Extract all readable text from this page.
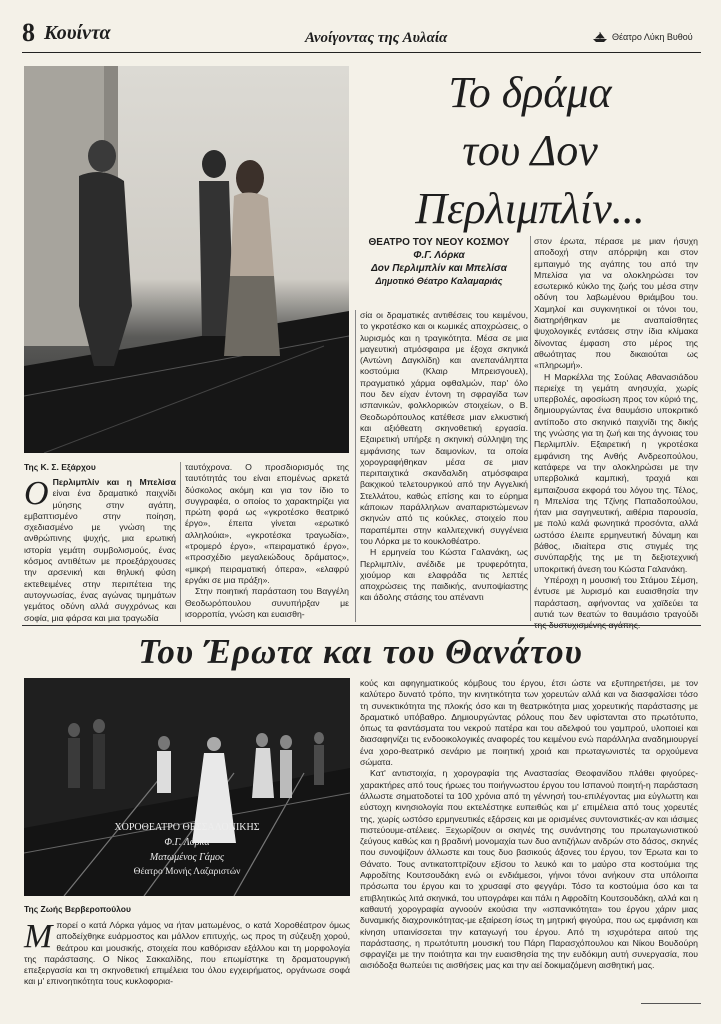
8 Κουίντα	Ανοίγοντας της Αυλαία	Θέατρο Λύκη Βυθού
Το δράμα
του Δον
Περλιμπλίν...
ΘΕΑΤΡΟ ΤΟΥ ΝΕΟΥ ΚΟΣΜΟΥ
Φ.Γ. Λόρκα
Δον Περλιμπλίν και Μπελίσα
Δημοτικό Θέατρο Καλαμαριάς
Της Κ. Σ. Εξάρχου
Ο Περλιμπλίν και η Μπελίσα είναι ένα δραματικό παιχνίδι μύησης στην αγάπη, εμβαπτισμένο στην ποίηση, σχεδιασμένο με γνώση της ανθρώπινης ψυχής, μια ερωτική ιστορία γεμάτη συμβολισμούς, ένας κόσμος αντιθέτων με προεξάρχουσες την αρσενική και θηλυκή φύση εκτεθειμένες στην περιπέτεια της αυτογνωσίας, ένας αγώνας τιμημάτων γεμάτος οδύνη αλλά συγχρόνως και σοφία, μια φάρσα και μια τραγωδία

ταυτόχρονα. Ο προσδιορισμός της ταυτότητάς του είναι επομένως αρκετά δύσκολος ακόμη και για τον ίδιο το συγγραφέα, ο οποίος το χαρακτηρίζει για πρώτη φορά ως «γκροτέσκο θεατρικό έργο», έπειτα γίνεται «ερωτικό αλληλούια», «γκροτέσκα τραγωδία», «τρομερό έργο», «πειραματικό έργο», «προσχέδιο μεγαλειώδους δράματος», «μικρή πειραματική όπερα», «ελαφρύ εργάκι σε μια πράξη».

Στην ποιητική παράσταση του Βαγγέλη Θεοδωρόπουλου συνυπήρξαν με ισορροπία, γνώση και ευαισθη-

σία οι δραματικές αντιθέσεις του κειμένου, το γκροτέσκο και οι κωμικές αποχρώσεις, ο λυρισμός και η τραγικότητα. Μέσα σε μια μαγευτική ατμόσφαιρα με έξοχα σκηνικά (Αντώνη Δαγκλίδη) και ανεπανάληπτα κοστούμια (Κλαιρ Μπρεισγουελ), πραγματικό χάρμα οφθαλμών, παρ' όλο που δεν είχαν έντονη τη σφραγίδα των ισπανικών, φολκλορικών στοιχείων, ο Β. Θεοδωρόπουλος κατέθεσε μιαν ελκυστική και αξιόθεατη σκηνοθετική εργασία. Εξαιρετική υπήρξε η σκηνική σύλληψη της εμφάνισης των δαιμονίων, τα οποία χορογραφήθηκαν μέσα σε μιαν περιπαιχτικά σκανδαλιδη ατμόσφαιρα βακχικού τελετουργικού από την Αγγελική Στελλάτου, καθώς επίσης και το εύρημα κάποιων παράλληλων αναπαριστώμενων σκηνών από τις κούκλες, στοιχείο που παραπέμπει στην καλλιτεχνική συγγένεια του Λόρκα με το κουκλοθέατρο.

Η ερμηνεία του Κώστα Γαλανάκη, ως Περλιμπλίν, ανέδιδε με τρυφερότητα, χιούμορ και ελαφράδα τις λεπτές αποχρώσεις της παιδικής, ανυποψίαστης και άδολης στάσης του απέναντι

στον έρωτα, πέρασε με μιαν ήσυχη αποδοχή στην απόρριψη και στον εμπαιγμό της αγάπης του από την Μπελίσα για να ολοκληρώσει τον εσωτερικό κύκλο της ζωής του μέσα στην οδύνη του λαβωμένου θριάμβου του. Χαμηλοί και συγκινητικοί οι τόνοι του, διατηρήθηκαν με αναπαίσθητες ψυχολογικές εντάσεις στην ίδια κλίμακα δίνοντας έμφαση στο μέρος της αθωότητας που δικαιούται ως «πληρωμή».

Η Μαρκέλλα της Σούλας Αθανασιάδου περιείχε τη γεμάτη ανησυχία, χωρίς υπερβολές, αφοσίωση προς τον κύριό της, δημιουργώντας ένα θαυμάσιο υποκριτικό αντίποδο στο σκηνικό παιχνίδι της δικής της γνώσης για τη ζωή και της άγνοιας του Περλιμπλίν. Εξαιρετική η γκροτέσκα εμφάνιση της Ανθής Ανδρεοπούλου, κατάφερε να την ολοκληρώσει με την υπερβολικά καμπική, τραχιά και εμπαιζουσα εκφορά του λόγου της. Τέλος, η Μπελίσα της Τζίνης Παπαδοπούλου, ήταν μια σαγηνευτική, αιθέρια παρουσία, με πολύ καλά φωνητικά προσόντα, αλλά ωστόσο έλειπε ερμηνευτική δύναμη και βάθος, ιδιαίτερα στις στιγμές της συνύπαρξής της με τη δεξιοτεχνική υποκριτική άνεση του Κώστα Γαλανάκη.

Υπέροχη η μουσική του Στάμου Σέμση, έντυσε με λυρισμό και ευαισθησία την παράσταση, αφήνοντας να χαϊδεύει τα αυτιά των θεατών το θαυμάσιο τραγούδι της δυστυχισμένης αγάπης.

Του Έρωτα και του Θανάτου
ΧΟΡΟΘΕΑΤΡΟ ΘΕΣΣΑΛΟΝΙΚΗΣ
Φ.Γ. Λόρκα
Ματωμένος Γάμος
Θέατρο Μονής Λαζαριστών
Της Ζωής Βερβεροπούλου
Μπορεί ο κατά Λόρκα γάμος να ήταν ματωμένος, ο κατά Χοροθέατρον όμως αποδείχθηκε ευάρμοστος και μάλλον επιτυχής, ως προς τη σύζευξη χορού, θεάτρου και μουσικής, στοιχεία που καθόρισαν εξάλλου και τη μορφολογία της παράστασης. Ο Νίκος Σακκαλίδης, που επωμίστηκε τη δραματουργική επεξεργασία και τη σκηνοθετική επιμέλεια του όλου εγχειρήματος, οργάνωσε σοφά και μ' επινοητικότητα τους κυκλοφορια-

κούς και αφηγηματικούς κόμβους του έργου, έτσι ώστε να εξυπηρετήσει, με τον καλύτερο δυνατό τρόπο, την κινητικότητα των χορευτών αλλά και να διασφαλίσει τόσο τη συνεκτικότητα της πλοκής όσο και τη θεατρικότητα μιας χορευτικής παράστασης με δραματικό υπόβαθρο. Δημιουργώντας ρόλους που δεν υφίστανται στο πρωτότυπο, όπως τα φαντάσματα του νεκρού πατέρα και του αδελφού του γαμπρού, υλοποιεί και διασαφηνίζει τις ενδοοικολογικές αναφορές του κειμένου ενώ παράλληλα αναδημιουργεί ένα χορο-θεατρικό σενάριο με ποιητική χροιά και πρωταγωνιστές τα ορχούμενα σώματα.

Κατ' αντιστοιχία, η χορογραφία της Αναστασίας Θεοφανίδου πλάθει φιγούρες-χαρακτήρες από τους ήρωες του ποιήγνωστου έργου του Ισπανού ποιητή-η παράσταση άλλωστε σηματοδοτεί τα 100 χρόνια από τη γέννησή του-επιλέγοντας μια εύγλωττη και εύστοχη κινησιολογία που εκτελέστηκε ευπειθώς και μ' επιμέλεια από τους χορευτές της, χωρίς ωστόσο ερμηνευτικές εξάρσεις και με ορισμένες συντονιστικές-αν και ιάσιμες πιστεύουμε-ατέλειες. Ξεχωρίζουν οι σκηνές της συνάντησης του πρωταγωνιστικού ζεύγους καθώς και η βραδινή μονομαχία των δυο αντιζήλων ανδρών στο δάσος, σκηνές που συνοψίζουν άλλωστε και τους δυο βασικούς άξονες του έργου, τον Έρωτα και το Θάνατο. Τους αντικατοπτρίζουν εξίσου το λευκό και το μαύρο στα κοστούμια της Αφροδίτης Κουτσουδάκη ενώ οι ενδιάμεσοι, γήινοι τόνοι ανήκουν στα υπόλοιπα πρόσωπα του έργου και το χρυσαφί στο φεγγάρι. Τόσο τα κοστούμια όσο και τα επιβλητικώς λιτά σκηνικά, του υπογράφει και πάλι η Αφροδίτη Κουτσουδάκη, αλλά και η καθαυτή χορογραφία αγνοούν εκούσια την «ισπανικότητα» του έργου χάριν μιας δυναμικής διαχρονικότητας-με εξαίρεση ίσως τη μητρική φιγούρα, που ως εμφάνιση και κίνηση υπαινίσσεται την καταγωγή του έργου. Από τη ισχυρότερα αιτού της παράστασης, η πρωτότυπη μουσική του Πάρη Παρασχόπουλου και Νίκου Βουδούρη σφραγίζει με την ποιότητα και την ευαισθησία της την ευδόκιμη αυτή συνεργασία, που αισιόδοξα θωπεύει τις αισθήσεις μας και την αεί δοκιμαζόμενη αισθητική μας.
